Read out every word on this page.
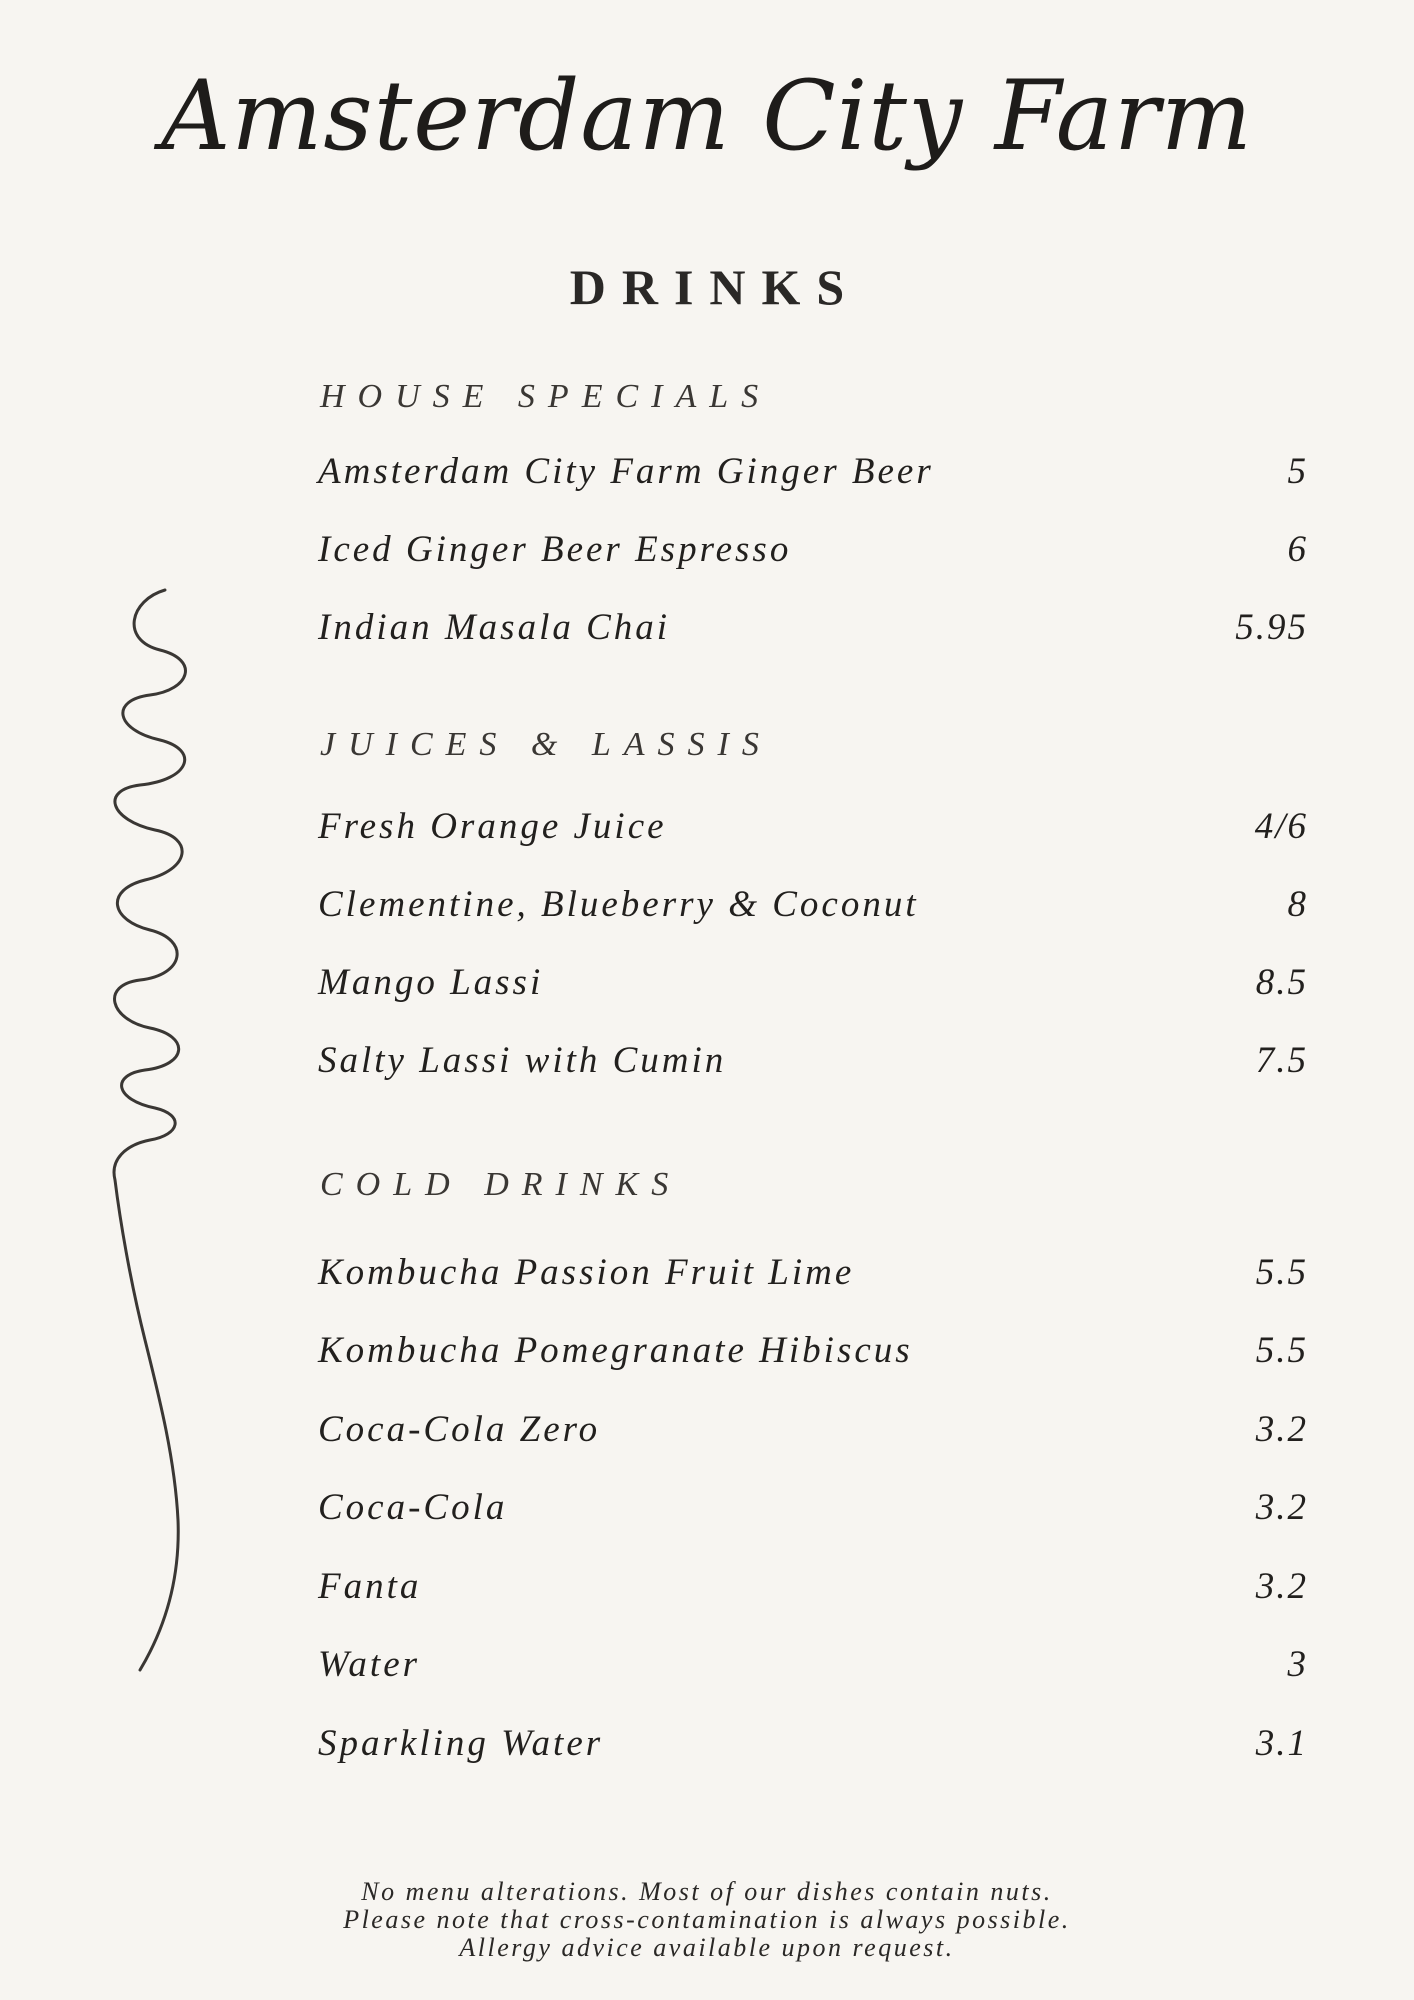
Amsterdam City Farm
DRINKS
HOUSE SPECIALS
Amsterdam City Farm Ginger Beer	5
Iced Ginger Beer Espresso	6
Indian Masala Chai	5.95
JUICES & LASSIS
Fresh Orange Juice	4/6
Clementine, Blueberry & Coconut	8
Mango Lassi	8.5
Salty Lassi with Cumin	7.5
COLD DRINKS
Kombucha Passion Fruit Lime	5.5
Kombucha Pomegranate Hibiscus	5.5
Coca-Cola Zero	3.2
Coca-Cola	3.2
Fanta	3.2
Water	3
Sparkling Water	3.1
No menu alterations. Most of our dishes contain nuts.
Please note that cross-contamination is always possible.
Allergy advice available upon request.
